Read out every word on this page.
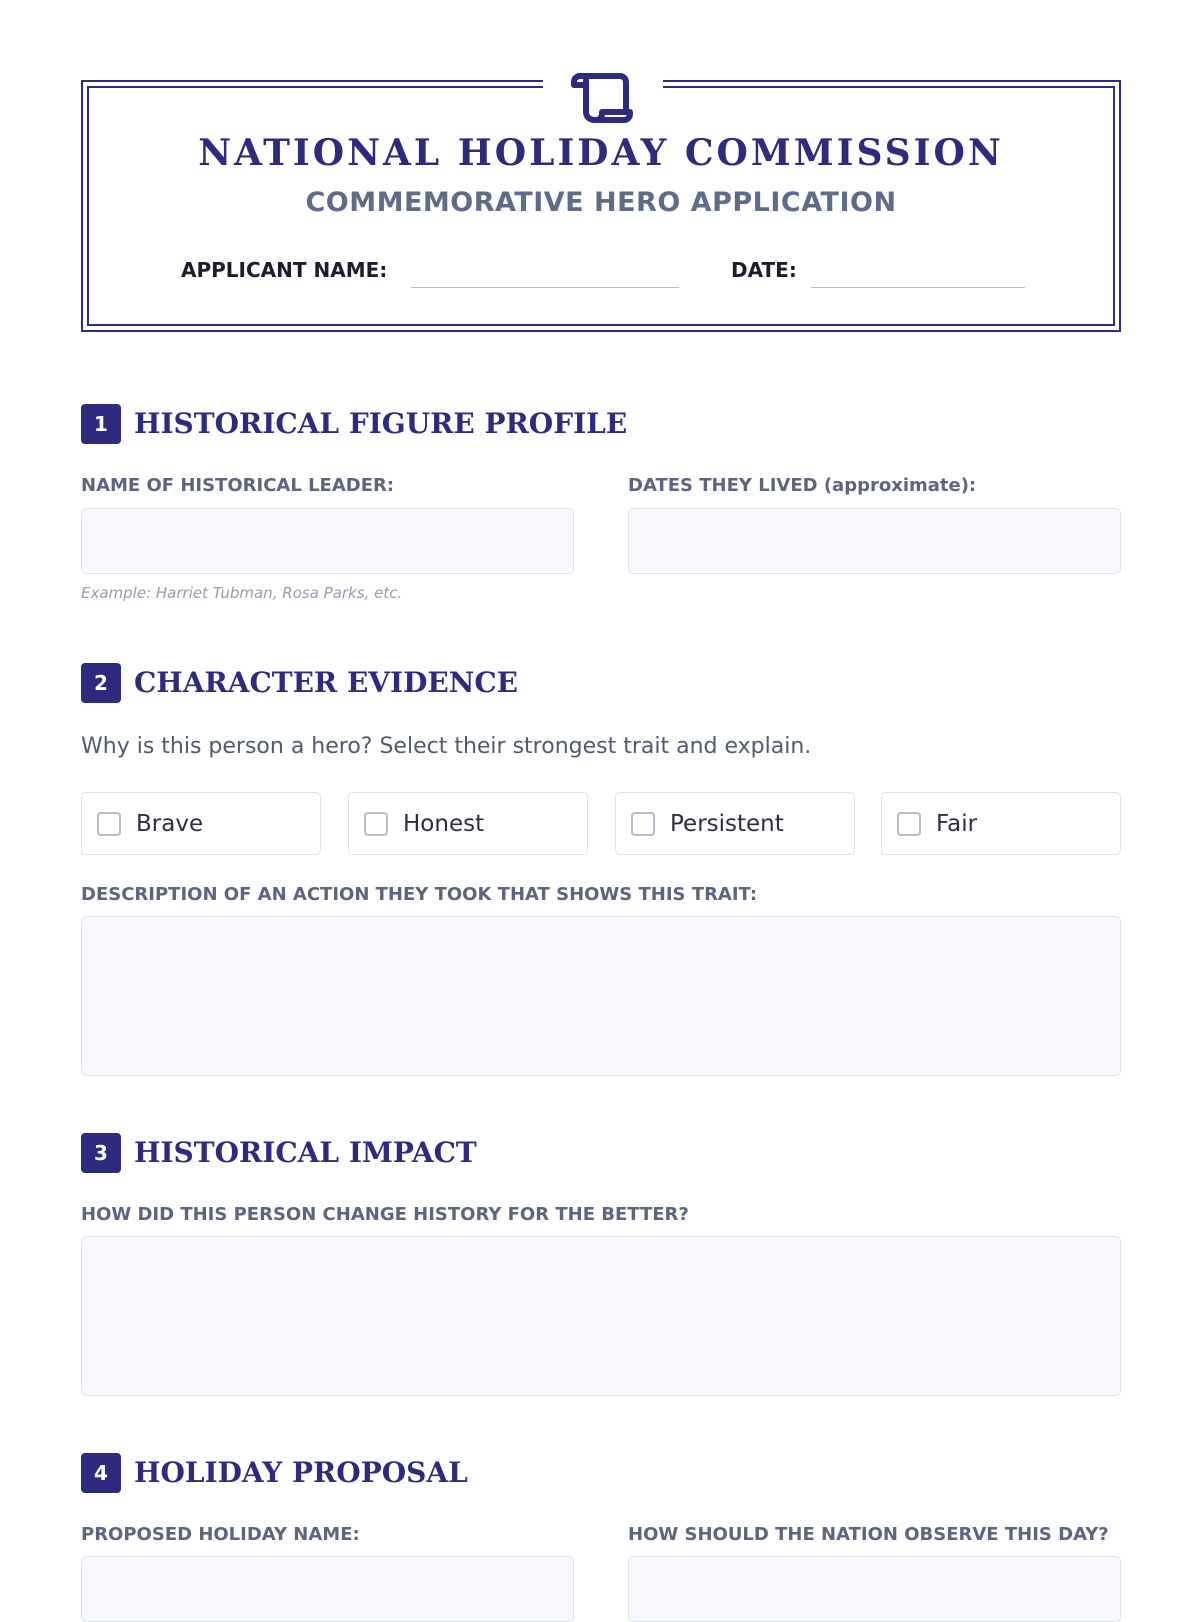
NATIONAL HOLIDAY COMMISSION
COMMEMORATIVE HERO APPLICATION
APPLICANT NAME:	DATE:
1 HISTORICAL FIGURE PROFILE
NAME OF HISTORICAL LEADER:
Example: Harriet Tubman, Rosa Parks, etc.
DATES THEY LIVED (approximate):
2 CHARACTER EVIDENCE
Why is this person a hero? Select their strongest trait and explain.
Brave	Honest	Persistent	Fair
DESCRIPTION OF AN ACTION THEY TOOK THAT SHOWS THIS TRAIT:
3 HISTORICAL IMPACT
HOW DID THIS PERSON CHANGE HISTORY FOR THE BETTER?
4 HOLIDAY PROPOSAL
PROPOSED HOLIDAY NAME:	HOW SHOULD THE NATION OBSERVE THIS DAY?
